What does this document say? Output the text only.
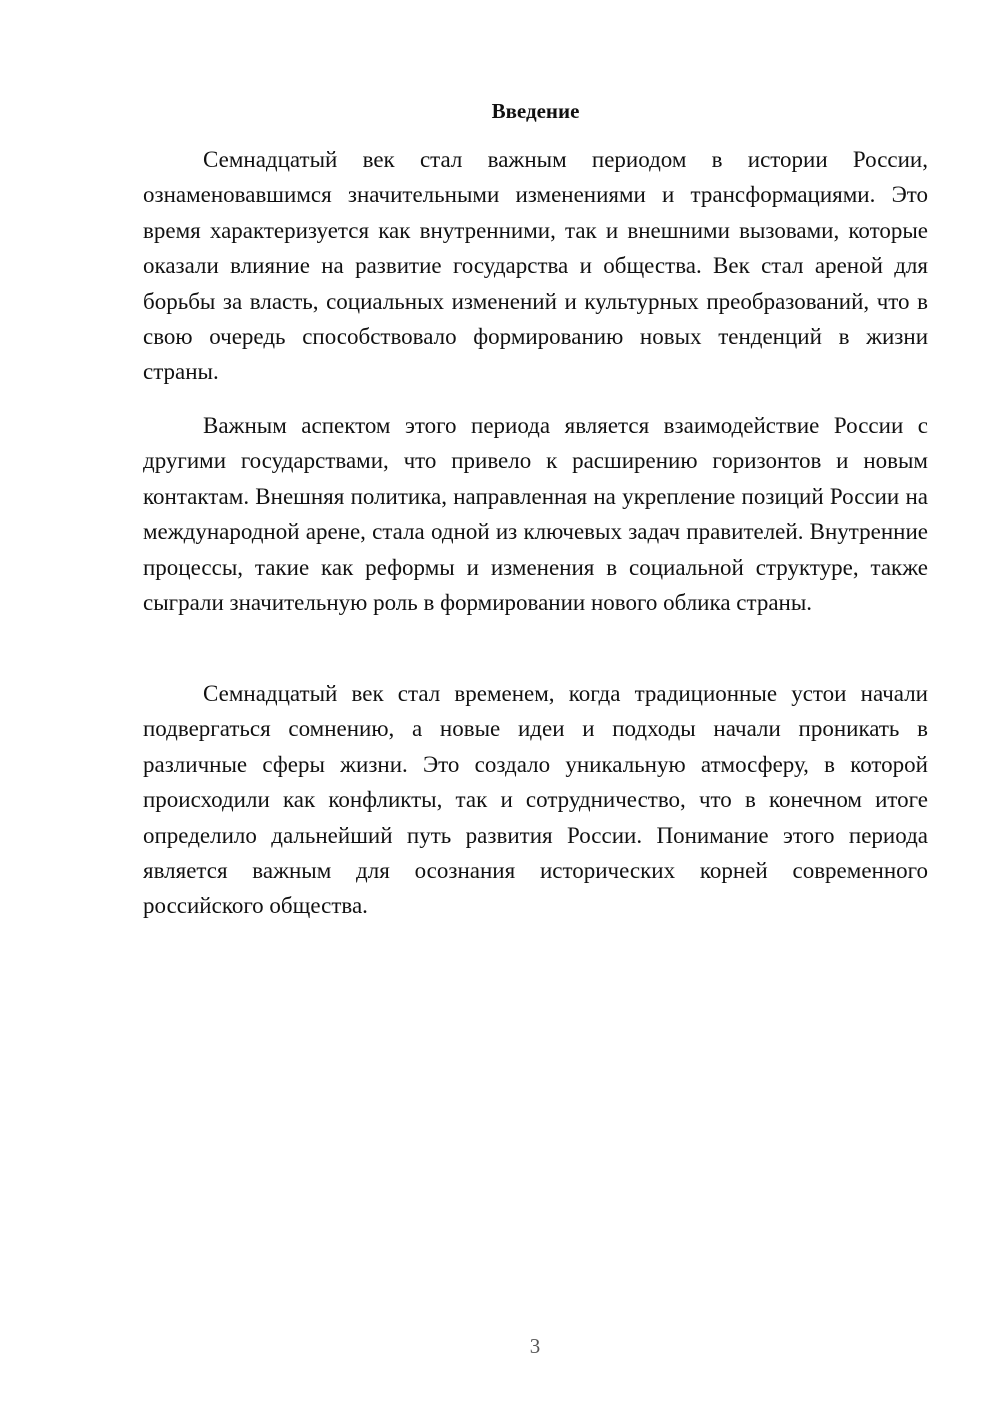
Введение

Семнадцатый век стал важным периодом в истории России, ознаменовавшимся значительными изменениями и трансформациями. Это время характеризуется как внутренними, так и внешними вызовами, которые оказали влияние на развитие государства и общества. Век стал ареной для борьбы за власть, социальных изменений и культурных преобразований, что в свою очередь способствовало формированию новых тенденций в жизни страны.

Важным аспектом этого периода является взаимодействие России с другими государствами, что привело к расширению горизонтов и новым контактам. Внешняя политика, направленная на укрепление позиций России на международной арене, стала одной из ключевых задач правителей. Внутренние процессы, такие как реформы и изменения в социальной структуре, также сыграли значительную роль в формировании нового облика страны.

Семнадцатый век стал временем, когда традиционные устои начали подвергаться сомнению, а новые идеи и подходы начали проникать в различные сферы жизни. Это создало уникальную атмосферу, в которой происходили как конфликты, так и сотрудничество, что в конечном итоге определило дальнейший путь развития России. Понимание этого периода является важным для осознания исторических корней современного российского общества.

3
